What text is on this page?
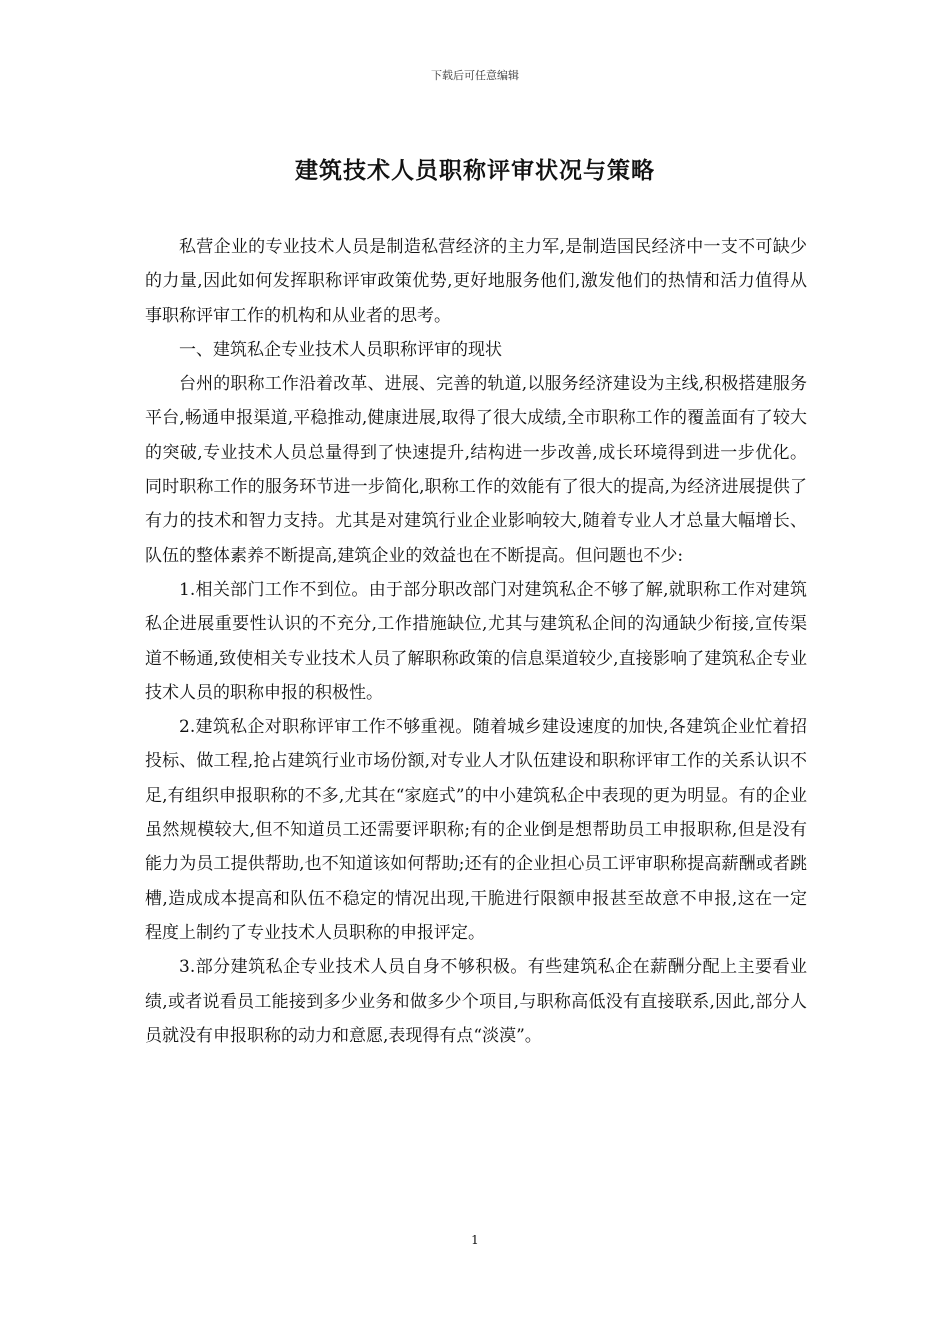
下载后可任意编辑
建筑技术人员职称评审状况与策略

私营企业的专业技术人员是制造私营经济的主力军,是制造国民经济中一支不可缺少的力量,因此如何发挥职称评审政策优势,更好地服务他们,激发他们的热情和活力值得从事职称评审工作的机构和从业者的思考。

一、建筑私企专业技术人员职称评审的现状

台州的职称工作沿着改革、进展、完善的轨道,以服务经济建设为主线,积极搭建服务平台,畅通申报渠道,平稳推动,健康进展,取得了很大成绩,全市职称工作的覆盖面有了较大的突破,专业技术人员总量得到了快速提升,结构进一步改善,成长环境得到进一步优化。同时职称工作的服务环节进一步简化,职称工作的效能有了很大的提高,为经济进展提供了有力的技术和智力支持。尤其是对建筑行业企业影响较大,随着专业人才总量大幅增长、队伍的整体素养不断提高,建筑企业的效益也在不断提高。但问题也不少:

1.相关部门工作不到位。由于部分职改部门对建筑私企不够了解,就职称工作对建筑私企进展重要性认识的不充分,工作措施缺位,尤其与建筑私企间的沟通缺少衔接,宣传渠道不畅通,致使相关专业技术人员了解职称政策的信息渠道较少,直接影响了建筑私企专业技术人员的职称申报的积极性。

2.建筑私企对职称评审工作不够重视。随着城乡建设速度的加快,各建筑企业忙着招投标、做工程,抢占建筑行业市场份额,对专业人才队伍建设和职称评审工作的关系认识不足,有组织申报职称的不多,尤其在“家庭式”的中小建筑私企中表现的更为明显。有的企业虽然规模较大,但不知道员工还需要评职称;有的企业倒是想帮助员工申报职称,但是没有能力为员工提供帮助,也不知道该如何帮助;还有的企业担心员工评审职称提高薪酬或者跳槽,造成成本提高和队伍不稳定的情况出现,干脆进行限额申报甚至故意不申报,这在一定程度上制约了专业技术人员职称的申报评定。

3.部分建筑私企专业技术人员自身不够积极。有些建筑私企在薪酬分配上主要看业绩,或者说看员工能接到多少业务和做多少个项目,与职称高低没有直接联系,因此,部分人员就没有申报职称的动力和意愿,表现得有点“淡漠”。

1
